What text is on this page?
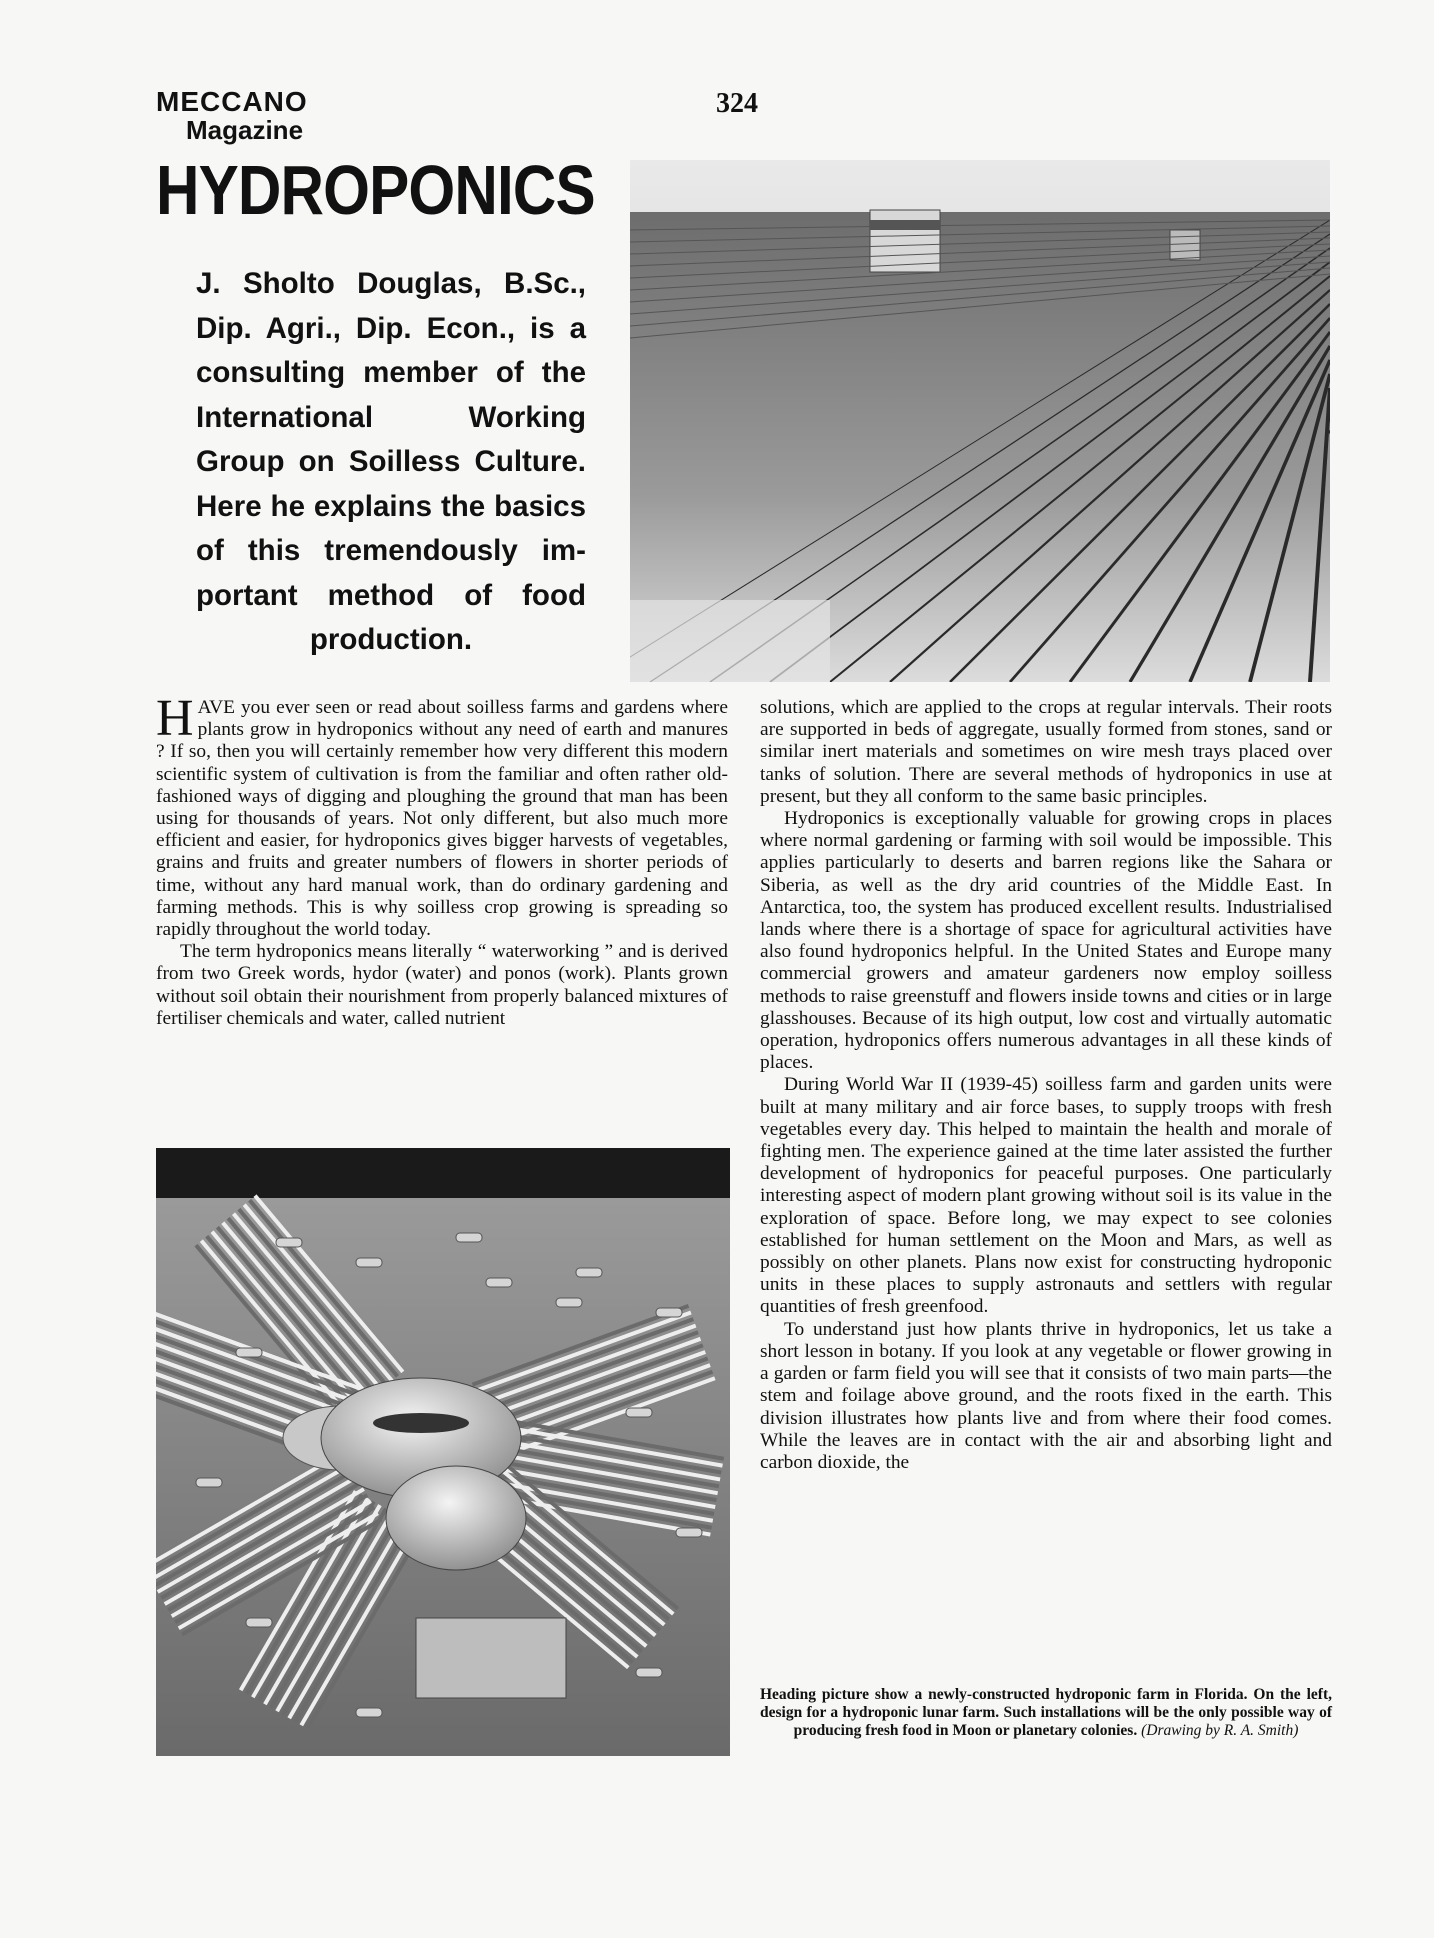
MECCANO
Magazine
324
HYDROPONICS
J. Sholto Douglas, B.Sc., Dip. Agri., Dip. Econ., is a consulting member of the International Working Group on Soilless Culture. Here he explains the basics of this tremendously important method of food production.

HAVE you ever seen or read about soilless farms and gardens where plants grow in hydroponics without any need of earth and manures ? If so, then you will certainly remember how very different this modern scientific system of cultivation is from the familiar and often rather old-fashioned ways of digging and ploughing the ground that man has been using for thousands of years. Not only different, but also much more efficient and easier, for hydroponics gives bigger harvests of vegetables, grains and fruits and greater numbers of flowers in shorter periods of time, without any hard manual work, than do ordinary gardening and farming methods. This is why soilless crop growing is spreading so rapidly throughout the world today.

The term hydroponics means literally “ waterworking ” and is derived from two Greek words, hydor (water) and ponos (work). Plants grown without soil obtain their nourishment from properly balanced mixtures of fertiliser chemicals and water, called nutrient

solutions, which are applied to the crops at regular intervals. Their roots are supported in beds of aggregate, usually formed from stones, sand or similar inert materials and sometimes on wire mesh trays placed over tanks of solution. There are several methods of hydroponics in use at present, but they all conform to the same basic principles.

Hydroponics is exceptionally valuable for growing crops in places where normal gardening or farming with soil would be impossible. This applies particularly to deserts and barren regions like the Sahara or Siberia, as well as the dry arid countries of the Middle East. In Antarctica, too, the system has produced excellent results. Industrialised lands where there is a shortage of space for agricultural activities have also found hydroponics helpful. In the United States and Europe many commercial growers and amateur gardeners now employ soilless methods to raise greenstuff and flowers inside towns and cities or in large glasshouses. Because of its high output, low cost and virtually automatic operation, hydroponics offers numerous advantages in all these kinds of places.

During World War II (1939-45) soilless farm and garden units were built at many military and air force bases, to supply troops with fresh vegetables every day. This helped to maintain the health and morale of fighting men. The experience gained at the time later assisted the further development of hydroponics for peaceful purposes. One particularly interesting aspect of modern plant growing without soil is its value in the exploration of space. Before long, we may expect to see colonies established for human settlement on the Moon and Mars, as well as possibly on other planets. Plans now exist for constructing hydroponic units in these places to supply astronauts and settlers with regular quantities of fresh greenfood.

To understand just how plants thrive in hydroponics, let us take a short lesson in botany. If you look at any vegetable or flower growing in a garden or farm field you will see that it consists of two main parts—the stem and foilage above ground, and the roots fixed in the earth. This division illustrates how plants live and from where their food comes. While the leaves are in contact with the air and absorbing light and carbon dioxide, the

Heading picture show a newly-constructed hydroponic farm in Florida. On the left, design for a hydroponic lunar farm. Such installations will be the only possible way of producing fresh food in Moon or planetary colonies. (Drawing by R. A. Smith)
